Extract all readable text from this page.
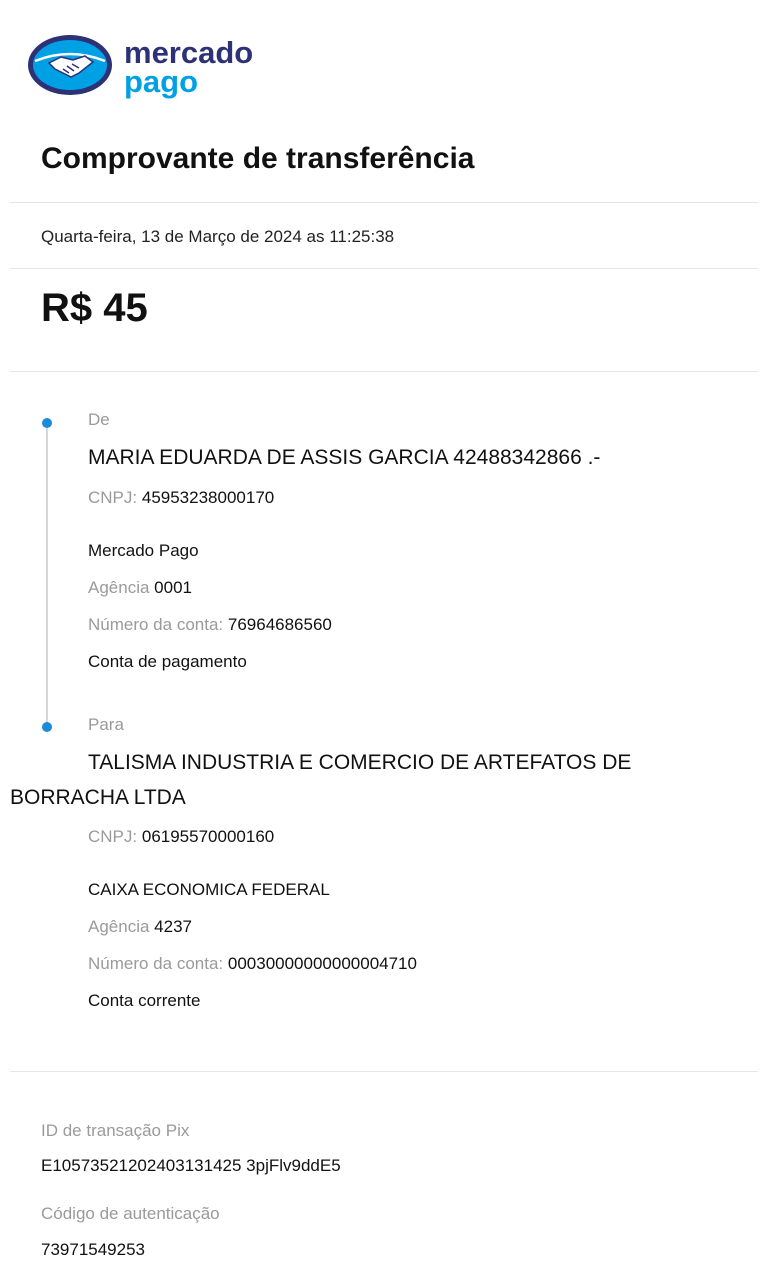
mercado
pago
Comprovante de transferência
Quarta-feira, 13 de Março de 2024 as 11:25:38
R$ 45
De
MARIA EDUARDA DE ASSIS GARCIA 42488342866 .-
CNPJ: 45953238000170
Mercado Pago
Agência 0001
Número da conta: 76964686560
Conta de pagamento
Para
TALISMA INDUSTRIA E COMERCIO DE ARTEFATOS DE BORRACHA LTDA
CNPJ: 06195570000160
CAIXA ECONOMICA FEDERAL
Agência 4237
Número da conta: 00030000000000004710
Conta corrente
ID de transação Pix
E10573521202403131425 3pjFlv9ddE5
Código de autenticação
73971549253
